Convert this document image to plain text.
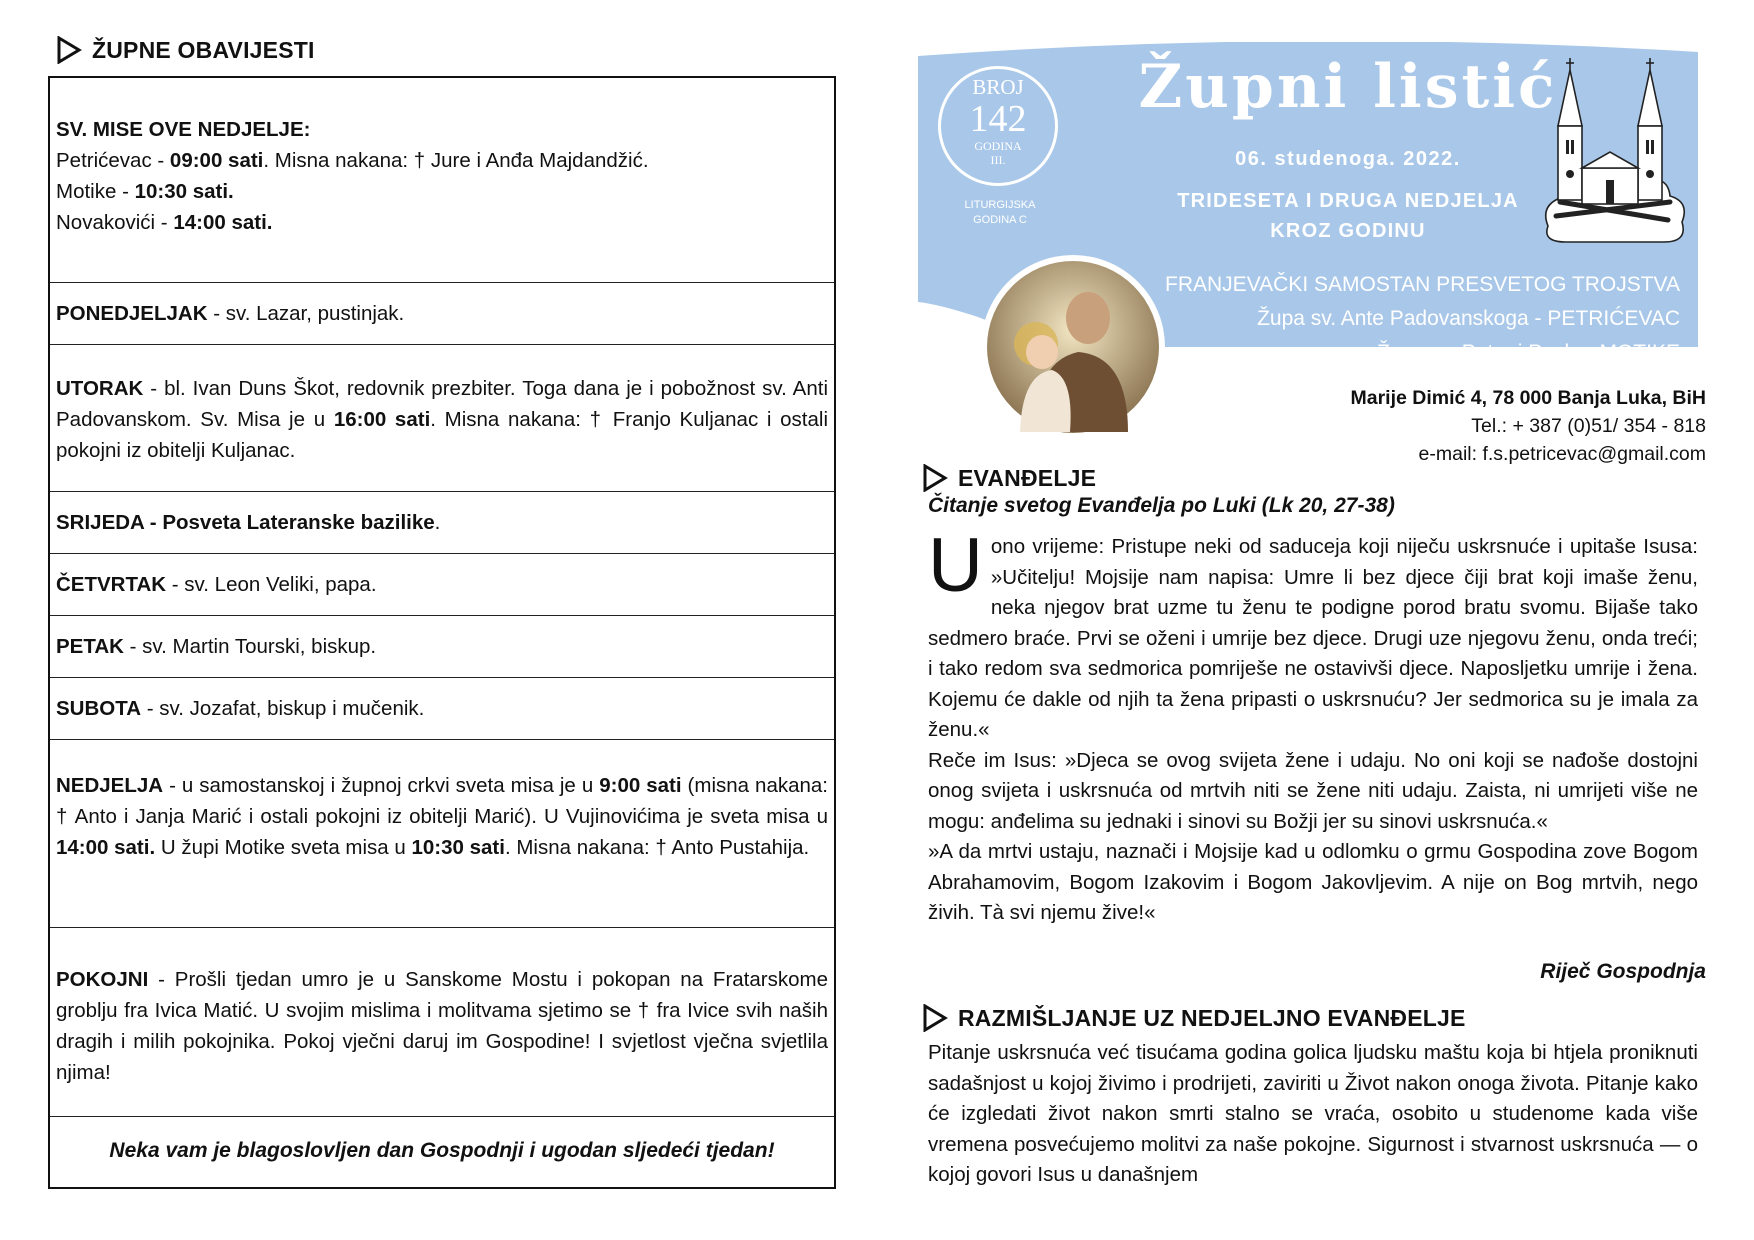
ŽUPNE OBAVIJESTI
SV. MISE OVE NEDJELJE:
Petrićevac - 09:00 sati. Misna nakana: † Jure i Anđa Majdandžić.
Motike - 10:30 sati.
Novakovići - 14:00 sati.
PONEDJELJAK - sv. Lazar, pustinjak.
UTORAK - bl. Ivan Duns Škot, redovnik prezbiter. Toga dana je i pobožnost sv. Anti Padovanskom. Sv. Misa je u 16:00 sati. Misna nakana: † Franjo Kuljanac i ostali pokojni iz obitelji Kuljanac.
SRIJEDA - Posveta Lateranske bazilike.
ČETVRTAK - sv. Leon Veliki, papa.
PETAK - sv. Martin Tourski, biskup.
SUBOTA - sv. Jozafat, biskup i mučenik.
NEDJELJA - u samostanskoj i župnoj crkvi sveta misa je u 9:00 sati (misna nakana: † Anto i Janja Marić i ostali pokojni iz obitelji Marić). U Vujinovićima je sveta misa u 14:00 sati. U župi Motike sveta misa u 10:30 sati. Misna nakana: † Anto Pustahija.
POKOJNI - Prošli tjedan umro je u Sanskome Mostu i pokopan na Fratarskome groblju fra Ivica Matić. U svojim mislima i molitvama sjetimo se † fra Ivice svih naših dragih i milih pokojnika. Pokoj vječni daruj im Gospodine! I svjetlost vječna svjetlila njima!
Neka vam je blagoslovljen dan Gospodnji i ugodan sljedeći tjedan!
BROJ
142
GODINA
III.
LITURGIJSKA
GODINA C
Župni listić
06. studenoga. 2022.
TRIDESETA I DRUGA NEDJELJA
KROZ GODINU
FRANJEVAČKI SAMOSTAN PRESVETOG TROJSTVA
Župa sv. Ante Padovanskoga - PETRIĆEVAC
Župa sv. Petra i Pavla - MOTIKE
Marije Dimić 4, 78 000 Banja Luka, BiH
Tel.: + 387 (0)51/ 354 - 818
e-mail: f.s.petricevac@gmail.com
EVANĐELJE
Čitanje svetog Evanđelja po Luki (Lk 20, 27-38)

Uono vrijeme: Pristupe neki od saduceja koji niječu uskrsnuće i upitaše Isusa: »Učitelju! Mojsije nam napisa: Umre li bez djece čiji brat koji imaše ženu, neka njegov brat uzme tu ženu te podigne porod bratu svomu. Bijaše tako sedmero braće. Prvi se oženi i umrije bez djece. Drugi uze njegovu ženu, onda treći; i tako redom sva sedmorica pomriješe ne ostavivši djece. Naposljetku umrije i žena. Kojemu će dakle od njih ta žena pripasti o uskrsnuću? Jer sedmorica su je imala za ženu.«

Reče im Isus: »Djeca se ovog svijeta žene i udaju. No oni koji se nađoše dostojni onog svijeta i uskrsnuća od mrtvih niti se žene niti udaju. Zaista, ni umrijeti više ne mogu: anđelima su jednaki i sinovi su Božji jer su sinovi uskrsnuća.«

»A da mrtvi ustaju, naznači i Mojsije kad u odlomku o grmu Gospodina zove Bogom Abrahamovim, Bogom Izakovim i Bogom Jakovljevim. A nije on Bog mrtvih, nego živih. Tà svi njemu žive!«

Riječ Gospodnja
RAZMIŠLJANJE UZ NEDJELJNO EVANĐELJE
Pitanje uskrsnuća već tisućama godina golica ljudsku maštu koja bi htjela proniknuti sadašnjost u kojoj živimo i prodrijeti, zaviriti u Život nakon onoga života. Pitanje kako će izgledati život nakon smrti stalno se vraća, osobito u studenome kada više vremena posvećujemo molitvi za naše pokojne. Sigurnost i stvarnost uskrsnuća — o kojoj govori Isus u današnjem
